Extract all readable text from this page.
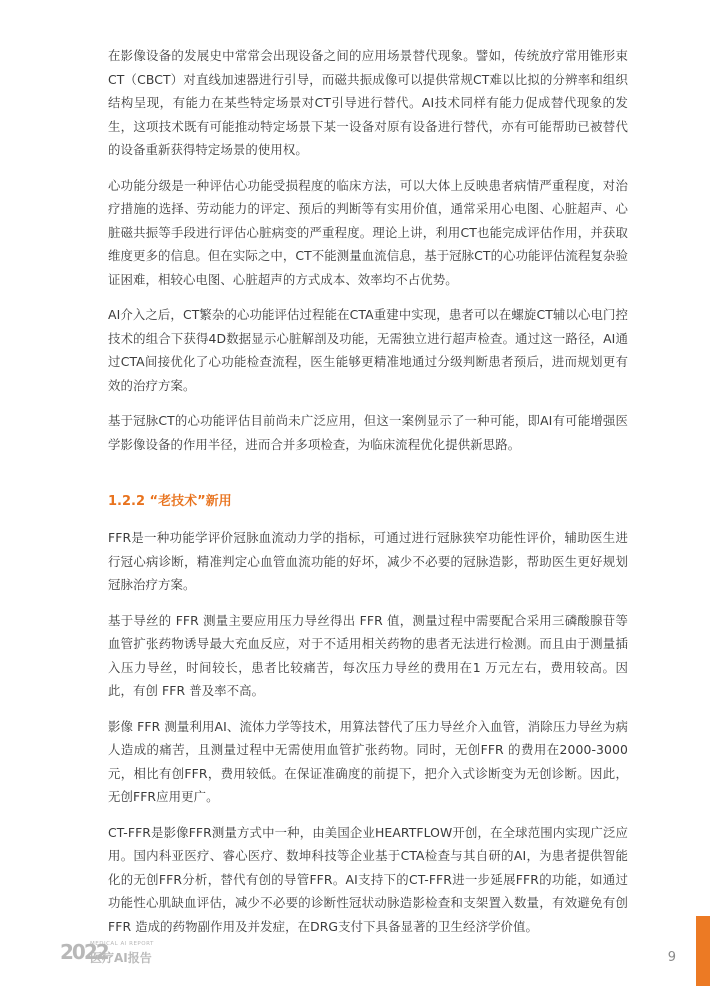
在影像设备的发展史中常常会出现设备之间的应用场景替代现象。譬如，传统放疗常用锥形束CT（CBCT）对直线加速器进行引导，而磁共振成像可以提供常规CT难以比拟的分辨率和组织结构呈现，有能力在某些特定场景对CT引导进行替代。AI技术同样有能力促成替代现象的发生，这项技术既有可能推动特定场景下某一设备对原有设备进行替代，亦有可能帮助已被替代的设备重新获得特定场景的使用权。

心功能分级是一种评估心功能受损程度的临床方法，可以大体上反映患者病情严重程度，对治疗措施的选择、劳动能力的评定、预后的判断等有实用价值，通常采用心电图、心脏超声、心脏磁共振等手段进行评估心脏病变的严重程度。理论上讲，利用CT也能完成评估作用，并获取维度更多的信息。但在实际之中，CT不能测量血流信息，基于冠脉CT的心功能评估流程复杂验证困难，相较心电图、心脏超声的方式成本、效率均不占优势。

AI介入之后，CT繁杂的心功能评估过程能在CTA重建中实现，患者可以在螺旋CT辅以心电门控技术的组合下获得4D数据显示心脏解剖及功能，无需独立进行超声检查。通过这一路径，AI通过CTA间接优化了心功能检查流程，医生能够更精准地通过分级判断患者预后，进而规划更有效的治疗方案。

基于冠脉CT的心功能评估目前尚未广泛应用，但这一案例显示了一种可能，即AI有可能增强医学影像设备的作用半径，进而合并多项检查，为临床流程优化提供新思路。

1.2.2 “老技术”新用

FFR是一种功能学评价冠脉血流动力学的指标，可通过进行冠脉狭窄功能性评价，辅助医生进行冠心病诊断，精准判定心血管血流功能的好坏，减少不必要的冠脉造影，帮助医生更好规划冠脉治疗方案。

基于导丝的 FFR 测量主要应用压力导丝得出 FFR 值，测量过程中需要配合采用三磷酸腺苷等血管扩张药物诱导最大充血反应，对于不适用相关药物的患者无法进行检测。而且由于测量插入压力导丝，时间较长，患者比较痛苦，每次压力导丝的费用在1 万元左右，费用较高。因此，有创 FFR 普及率不高。

影像 FFR 测量利用AI、流体力学等技术，用算法替代了压力导丝介入血管，消除压力导丝为病人造成的痛苦，且测量过程中无需使用血管扩张药物。同时，无创FFR 的费用在2000-3000元，相比有创FFR，费用较低。在保证准确度的前提下，把介入式诊断变为无创诊断。因此，无创FFR应用更广。

CT-FFR是影像FFR测量方式中一种，由美国企业HEARTFLOW开创，在全球范围内实现广泛应用。国内科亚医疗、睿心医疗、数坤科技等企业基于CTA检查与其自研的AI，为患者提供智能化的无创FFR分析，替代有创的导管FFR。AI支持下的CT-FFR进一步延展FFR的功能，如通过功能性心肌缺血评估，减少不必要的诊断性冠状动脉造影检查和支架置入数量，有效避免有创 FFR 造成的药物副作用及并发症，在DRG支付下具备显著的卫生经济学价值。

2022
MEDICAL AI REPORT
医疗AI报告	9
